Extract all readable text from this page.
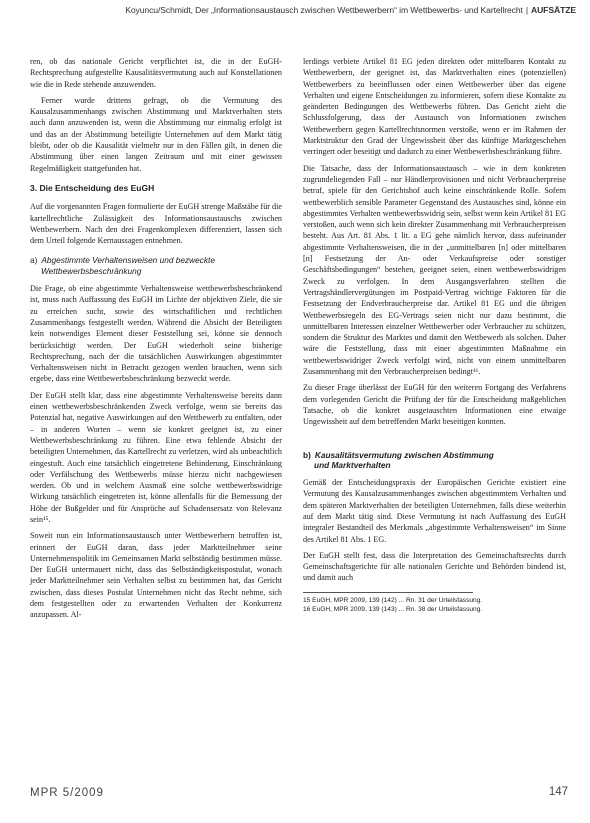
Koyuncu/Schmidt, Der „Informationsaustausch zwischen Wettbewerbern“ im Wettbewerbs- und Kartellrecht | AUFSÄTZE

ren, ob das nationale Gericht verpflichtet ist, die in der EuGH-Rechtsprechung aufgestellte Kausalitätsvermutung auch auf Konstellationen wie die in Rede stehende anzuwenden.

Ferner wurde drittens gefragt, ob die Vermutung des Kausalzusammenhangs zwischen Abstimmung und Marktverhalten stets auch dann anzuwenden ist, wenn die Abstimmung nur einmalig erfolgt ist und das an der Abstimmung beteiligte Unternehmen auf dem Markt tätig bleibt, oder ob die Kausalität vielmehr nur in den Fällen gilt, in denen die Abstimmung über einen langen Zeitraum und mit einer gewissen Regelmäßigkeit stattgefunden hat.

3. Die Entscheidung des EuGH

Auf die vorgenannten Fragen formulierte der EuGH strenge Maßstäbe für die kartellrechtliche Zulässigkeit des Informationsaustauschs zwischen Wettbewerbern. Nach den drei Fragenkomplexen differenziert, lassen sich dem Urteil folgende Kernaussagen entnehmen.

a) Abgestimmte Verhaltensweisen und bezweckte
Wettbewerbsbeschränkung

Die Frage, ob eine abgestimmte Verhaltensweise wettbewerbsbeschränkend ist, muss nach Auffassung des EuGH im Lichte der objektiven Ziele, die sie zu erreichen sucht, sowie des wirtschaftlichen und rechtlichen Zusammenhangs festgestellt werden. Während die Absicht der Beteiligten kein notwendiges Element dieser Feststellung sei, könne sie dennoch berücksichtigt werden. Der EuGH wiederholt seine bisherige Rechtsprechung, nach der die tatsächlichen Auswirkungen abgestimmter Verhaltensweisen nicht in Betracht gezogen werden brauchen, wenn sich ergebe, dass eine Wettbewerbsbeschränkung bezweckt werde.

Der EuGH stellt klar, dass eine abgestimmte Verhaltensweise bereits dann einen wettbewerbsbeschränkenden Zweck verfolge, wenn sie bereits das Potenzial hat, negative Auswirkungen auf den Wettbewerb zu entfalten, oder – in anderen Worten – wenn sie konkret geeignet ist, zu einer Wettbewerbsbeschränkung zu führen. Eine etwa fehlende Absicht der beteiligten Unternehmen, das Kartellrecht zu verletzen, wird als unbeachtlich eingestuft. Auch eine tatsächlich eingetretene Behinderung, Einschränkung oder Verfälschung des Wettbewerbs müsse hierzu nicht nachgewiesen werden. Ob und in welchem Ausmaß eine solche wettbewerbswidrige Wirkung tatsächlich eingetreten ist, könne allenfalls für die Bemessung der Höhe der Bußgelder und für Ansprüche auf Schadensersatz von Relevanz sein¹⁵.

Soweit nun ein Informationsaustausch unter Wettbewerbern betroffen ist, erinnert der EuGH daran, dass jeder Marktteilnehmer seine Unternehmenspolitik im Gemeinsamen Markt selbständig bestimmen müsse. Der EuGH untermauert nicht, dass das Selbständigkeitspostulat, wonach jeder Marktteilnehmer sein Verhalten selbst zu bestimmen hat, das Gericht zwischen, dass dieses Postulat Unternehmen nicht das Recht nehme, sich dem festgestellten oder zu erwartenden Verhalten der Konkurrenz anzupassen. Al-

lerdings verbiete Artikel 81 EG jeden direkten oder mittelbaren Kontakt zu Wettbewerbern, der geeignet ist, das Marktverhalten eines (potenziellen) Wettbewerbers zu beeinflussen oder einen Wettbewerber über das eigene Verhalten und eigene Entscheidungen zu informieren, sofern diese Kontakte zu geänderten Bedingungen des Wettbewerbs führen. Das Gericht zieht die Schlussfolgerung, dass der Austausch von Informationen zwischen Wettbewerbern gegen Kartellrechtsnormen verstoße, wenn er im Rahmen der Marktstruktur den Grad der Ungewissheit über das künftige Marktgeschehen verringert oder beseitigt und dadurch zu einer Wettbewerbsbeschränkung führe.

Die Tatsache, dass der Informationsaustausch – wie in dem konkreten zugrundeliegenden Fall – nur Händlerprovisionen und nicht Verbraucherpreise betraf, spiele für den Gerichtshof auch keine einschränkende Rolle. Sofern wettbewerblich sensible Parameter Gegenstand des Austausches sind, könne ein abgestimmtes Verhalten wettbewerbswidrig sein, selbst wenn kein Artikel 81 EG verstoßen, auch wenn sich kein direkter Zusammenhang mit Verbraucherpreisen besteht. Aus Art. 81 Abs. 1 lit. a EG gehe nämlich hervor, dass aufeinander abgestimmte Verhaltensweisen, die in der „unmittelbaren [n] oder mittelbaren [n] Festsetzung der An- oder Verkaufspreise oder sonstiger Geschäftsbedingungen“ bestehen, geeignet seien, einen wettbewerbswidrigen Zweck zu verfolgen. In dem Ausgangsverfahren stellten die Vertragshändlervergütungen im Postpaid-Vertrag wichtige Faktoren für die Festsetzung der Endverbraucherpreise dar. Artikel 81 EG und die übrigen Wettbewerbsregeln des EG-Vertrags seien nicht nur dazu bestimmt, die unmittelbaren Interessen einzelner Wettbewerber oder Verbraucher zu schützen, sondern die Struktur des Marktes und damit den Wettbewerb als solchen. Daher wäre die Feststellung, dass mit einer abgestimmten Maßnahme ein wettbewerbswidriger Zweck verfolgt wird, nicht von einem unmittelbaren Zusammenhang mit den Verbraucherpreisen bedingt¹⁶.

Zu dieser Frage überlässt der EuGH für den weiteren Fortgang des Verfahrens dem vorlegenden Gericht die Prüfung der für die Entscheidung maßgeblichen Tatsache, ob die konkret ausgetauschten Informationen eine etwaige Ungewissheit auf dem betreffenden Markt beseitigen konnten.

b) Kausalitätsvermutung zwischen Abstimmung
und Marktverhalten

Gemäß der Entscheidungspraxis der Europäischen Gerichte existiert eine Vermutung des Kausalzusammenhanges zwischen abgestimmtem Verhalten und dem späteren Marktverhalten der beteiligten Unternehmen, falls diese weiterhin auf dem Markt tätig sind. Diese Vermutung ist nach Auffassung des EuGH integraler Bestandteil des Merkmals „abgestimmte Verhaltensweisen“ im Sinne des Artikel 81 Abs. 1 EG.

Der EuGH stellt fest, dass die Interpretation des Gemeinschaftsrechts durch Gemeinschaftsgerichte für alle nationalen Gerichte und Behörden bindend ist, und damit auch

15 EuGH, MPR 2009, 139 (142) ... Rn. 31 der Urteilsfassung.
16 EuGH, MPR 2009, 139 (143) ... Rn. 38 der Urteilsfassung.
MPR 5/2009	147
